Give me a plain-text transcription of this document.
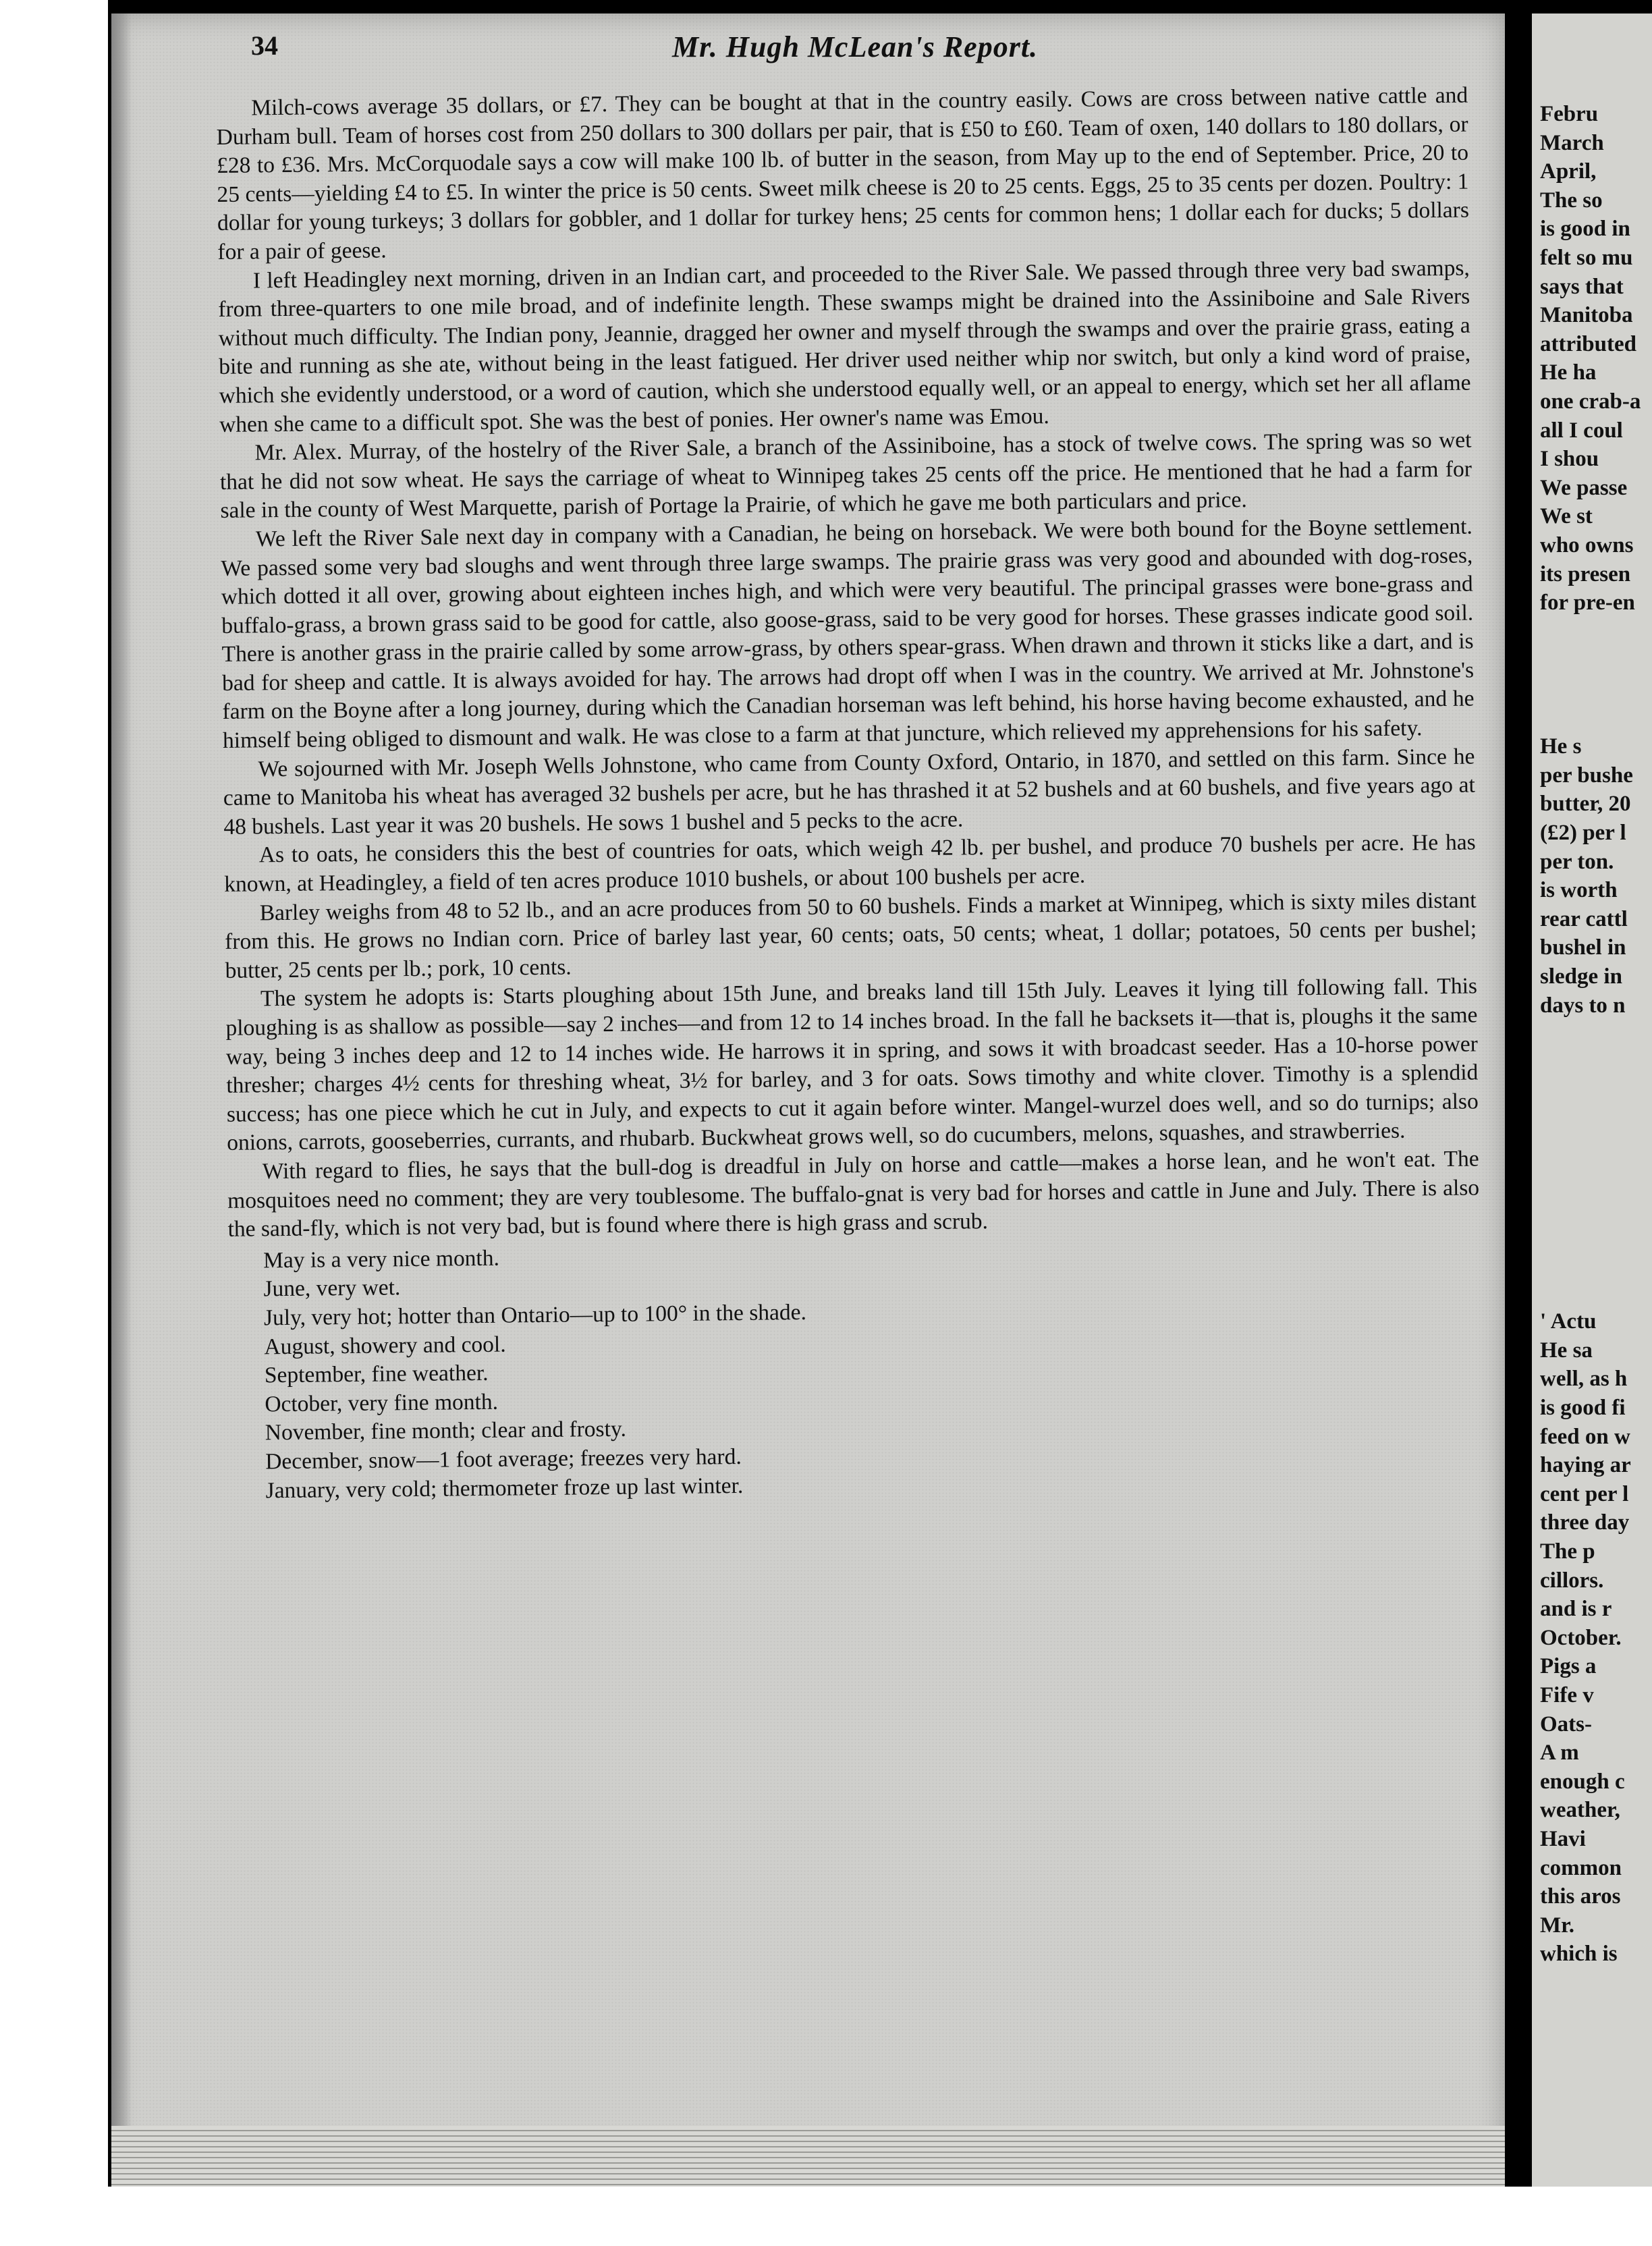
Febru
March
April,
The so
is good in
felt so mu
says that
Manitoba
attributed
He ha
one crab-a
all I coul
I shou
We passe
We st
who owns
its presen
for pre-en
He s
per bushe
butter, 20
(£2) per l
per ton.
is worth
rear cattl
bushel in
sledge in
days to n
' Actu
He sa
well, as h
is good fi
feed on w
haying ar
cent per l
three day
The p
cillors.
and is r
October.
Pigs a
Fife v
Oats-
A m
enough c
weather,
Havi
common
this aros
Mr.
which is
34	Mr. Hugh McLean's Report.

Milch-cows average 35 dollars, or £7. They can be bought at that in the country easily. Cows are cross between native cattle and Durham bull. Team of horses cost from 250 dollars to 300 dollars per pair, that is £50 to £60. Team of oxen, 140 dollars to 180 dollars, or £28 to £36. Mrs. McCorquodale says a cow will make 100 lb. of butter in the season, from May up to the end of September. Price, 20 to 25 cents—yielding £4 to £5. In winter the price is 50 cents. Sweet milk cheese is 20 to 25 cents. Eggs, 25 to 35 cents per dozen. Poultry: 1 dollar for young turkeys; 3 dollars for gobbler, and 1 dollar for turkey hens; 25 cents for common hens; 1 dollar each for ducks; 5 dollars for a pair of geese.

I left Headingley next morning, driven in an Indian cart, and proceeded to the River Sale. We passed through three very bad swamps, from three-quarters to one mile broad, and of indefinite length. These swamps might be drained into the Assiniboine and Sale Rivers without much difficulty. The Indian pony, Jeannie, dragged her owner and myself through the swamps and over the prairie grass, eating a bite and running as she ate, without being in the least fatigued. Her driver used neither whip nor switch, but only a kind word of praise, which she evidently understood, or a word of caution, which she understood equally well, or an appeal to energy, which set her all aflame when she came to a difficult spot. She was the best of ponies. Her owner's name was Emou.

Mr. Alex. Murray, of the hostelry of the River Sale, a branch of the Assiniboine, has a stock of twelve cows. The spring was so wet that he did not sow wheat. He says the carriage of wheat to Winnipeg takes 25 cents off the price. He mentioned that he had a farm for sale in the county of West Marquette, parish of Portage la Prairie, of which he gave me both particulars and price.

We left the River Sale next day in company with a Canadian, he being on horseback. We were both bound for the Boyne settlement. We passed some very bad sloughs and went through three large swamps. The prairie grass was very good and abounded with dog-roses, which dotted it all over, growing about eighteen inches high, and which were very beautiful. The principal grasses were bone-grass and buffalo-grass, a brown grass said to be good for cattle, also goose-grass, said to be very good for horses. These grasses indicate good soil. There is another grass in the prairie called by some arrow-grass, by others spear-grass. When drawn and thrown it sticks like a dart, and is bad for sheep and cattle. It is always avoided for hay. The arrows had dropt off when I was in the country. We arrived at Mr. Johnstone's farm on the Boyne after a long journey, during which the Canadian horseman was left behind, his horse having become exhausted, and he himself being obliged to dismount and walk. He was close to a farm at that juncture, which relieved my apprehensions for his safety.

We sojourned with Mr. Joseph Wells Johnstone, who came from County Oxford, Ontario, in 1870, and settled on this farm. Since he came to Manitoba his wheat has averaged 32 bushels per acre, but he has thrashed it at 52 bushels and at 60 bushels, and five years ago at 48 bushels. Last year it was 20 bushels. He sows 1 bushel and 5 pecks to the acre.

As to oats, he considers this the best of countries for oats, which weigh 42 lb. per bushel, and produce 70 bushels per acre. He has known, at Headingley, a field of ten acres produce 1010 bushels, or about 100 bushels per acre.

Barley weighs from 48 to 52 lb., and an acre produces from 50 to 60 bushels. Finds a market at Winnipeg, which is sixty miles distant from this. He grows no Indian corn. Price of barley last year, 60 cents; oats, 50 cents; wheat, 1 dollar; potatoes, 50 cents per bushel; butter, 25 cents per lb.; pork, 10 cents.

The system he adopts is: Starts ploughing about 15th June, and breaks land till 15th July. Leaves it lying till following fall. This ploughing is as shallow as possible—say 2 inches—and from 12 to 14 inches broad. In the fall he backsets it—that is, ploughs it the same way, being 3 inches deep and 12 to 14 inches wide. He harrows it in spring, and sows it with broadcast seeder. Has a 10-horse power thresher; charges 4½ cents for threshing wheat, 3½ for barley, and 3 for oats. Sows timothy and white clover. Timothy is a splendid success; has one piece which he cut in July, and expects to cut it again before winter. Mangel-wurzel does well, and so do turnips; also onions, carrots, gooseberries, currants, and rhubarb. Buckwheat grows well, so do cucumbers, melons, squashes, and strawberries.

With regard to flies, he says that the bull-dog is dreadful in July on horse and cattle—makes a horse lean, and he won't eat. The mosquitoes need no comment; they are very toublesome. The buffalo-gnat is very bad for horses and cattle in June and July. There is also the sand-fly, which is not very bad, but is found where there is high grass and scrub.

May is a very nice month.
June, very wet.
July, very hot; hotter than Ontario—up to 100° in the shade.
August, showery and cool.
September, fine weather.
October, very fine month.
November, fine month; clear and frosty.
December, snow—1 foot average; freezes very hard.
January, very cold; thermometer froze up last winter.
